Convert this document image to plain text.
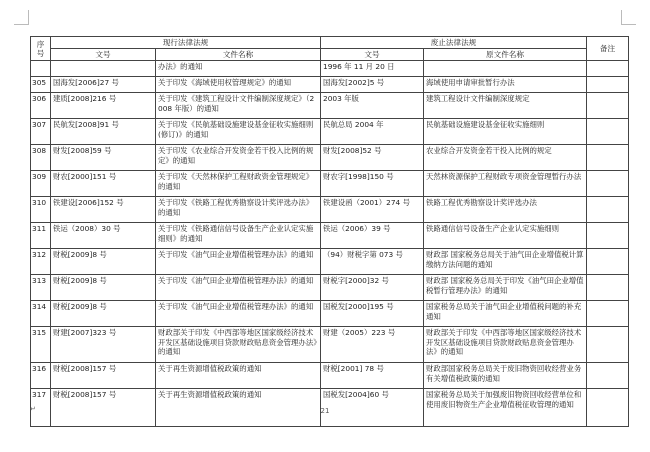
序号	现行法律法规		废止法律法规		备注
	文号	文件名称	文号	原文件名称	
		办法》的通知	1996 年 11 月 20 日		
305	国海发[2006]27 号	关于印发《海域使用权管理规定》的通知	国海发[2002]5 号	海域使用申请审批暂行办法	
306	建质[2008]216 号	关于印发《建筑工程设计文件编制深度规定》（2008 年版）的通知	2003 年版	建筑工程设计文件编制深度规定	
307	民航发[2008]91 号	关于印发《民航基础设施建设基金征收实施细则(修订)》的通知	民航总局 2004 年	民航基础设施建设基金征收实施细则	
308	财发[2008]59 号	关于印发《农业综合开发资金若干投入比例的规定》的通知	财发[2008]52 号	农业综合开发资金若干投入比例的规定	
309	财农[2000]151 号	关于印发《天然林保护工程财政资金管理规定》的通知	财农字[1998]150 号	天然林资源保护工程财政专项资金管理暂行办法	
310	铁建设[2006]152 号	关于印发《铁路工程优秀勘察设计奖评选办法》的通知	铁建设函（2001）274 号	铁路工程优秀勘察设计奖评选办法	
311	铁运（2008）30 号	关于印发《铁路通信信号设备生产企业认定实施细则》的通知	铁运（2006）39 号	铁路通信信号设备生产企业认定实施细则	
312	财税[2009]8 号	关于印发《油气田企业增值税管理办法》的通知	（94）财税字第 073 号	财政部 国家税务总局关于油气田企业增值税计算缴纳方法问题的通知	
313	财税[2009]8 号	关于印发《油气田企业增值税管理办法》的通知	财税字[2000]32 号	财政部 国家税务总局关于印发《油气田企业增值税暂行管理办法》的通知	
314	财税[2009]8 号	关于印发《油气田企业增值税管理办法》的通知	国税发[2000]195 号	国家税务总局关于油气田企业增值税问题的补充通知	
315	财建[2007]323 号	财政部关于印发《中西部等地区国家级经济技术开发区基础设施项目贷款财政贴息资金管理办法》的通知	财建（2005）223 号	财政部关于印发《中西部等地区国家级经济技术开发区基础设施项目贷款财政贴息资金管理办法》的通知	
316	财税[2008]157 号	关于再生资源增值税政策的通知	财税[2001] 78 号	财政部国家税务总局关于废旧物资回收经营业务有关增值税政策的通知	
317	财税[2008]157 号	关于再生资源增值税政策的通知	国税发[2004]60 号	国家税务总局关于加强废旧物资回收经营单位和使用废旧物资生产企业增值税征收管理的通知	
21
↵
